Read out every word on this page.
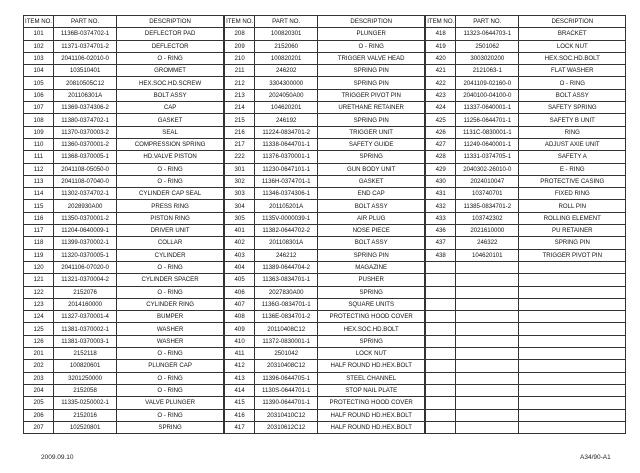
ITEM NO.	PART NO.	DESCRIPTION
101	1136B-0374702-1	DEFLECTOR PAD
102	11371-0374701-2	DEFLECTOR
103	2041106-02010-0	O - RING
104	103510401	GROMMET
105	20810505C12	HEX.SOC.HD.SCREW
106	201106301A	BOLT ASSY
107	11369-0374306-2	CAP
108	11380-0374702-1	GASKET
109	11370-0370003-2	SEAL
110	11360-0370001-2	COMPRESSION SPRING
111	11368-0370005-1	HD.VALVE PISTON
112	2041108-05050-0	O - RING
113	2041108-07040-0	O - RING
114	11302-0374702-1	CYLINDER CAP SEAL
115	2028930A00	PRESS RING
116	11350-0370001-2	PISTON RING
117	11204-0640009-1	DRIVER UNIT
118	11399-0370002-1	COLLAR
119	11320-0370005-1	CYLINDER
120	2041106-07020-0	O - RING
121	11321-0370004-2	CYLINDER SPACER
122	2152076	O - RING
123	2014160000	CYLINDER RING
124	11327-0370001-4	BUMPER
125	11381-0370002-1	WASHER
126	11381-0370003-1	WASHER
201	2152118	O - RING
202	100820601	PLUNGER CAP
203	3201250000	O - RING
204	2152058	O - RING
205	11335-0250002-1	VALVE PLUNGER
206	2152016	O - RING
207	102520801	SPRING
ITEM NO.	PART NO.	DESCRIPTION
208	100820301	PLUNGER
209	2152060	O - RING
210	100820201	TRIGGER VALVE HEAD
211	246202	SPRING PIN
212	3304300000	SPRING PIN
213	2024050A00	TRIGGER PIVOT PIN
214	104620201	URETHANE RETAINER
215	246192	SPRING PIN
216	11224-0834701-2	TRIGGER UNIT
217	11338-0644701-1	SAFETY GUIDE
222	11376-0370001-1	SPRING
301	11230-0647101-1	GUN BODY UNIT
302	1136H-0374701-1	GASKET
303	11346-0374306-1	END CAP
304	201105201A	BOLT ASSY
305	1135V-0000039-1	AIR PLUG
401	11382-0644702-2	NOSE PIECE
402	201108301A	BOLT ASSY
403	246212	SPRING PIN
404	11389-0644704-2	MAGAZINE
405	11363-0834701-1	PUSHER
406	2027830A00	SPRING
407	1136G-0834701-1	SQUARE UNITS
408	1136E-0834701-2	PROTECTING HOOD COVER
409	20110408C12	HEX.SOC.HD.BOLT
410	11372-0830001-1	SPRING
411	2501042	LOCK NUT
412	20310408C12	HALF ROUND HD.HEX.BOLT
413	11396-0644705-1	STEEL CHANNEL
414	1130S-0644701-1	STOP NAIL PLATE
415	11390-0644701-1	PROTECTING HOOD COVER
416	20310410C12	HALF ROUND HD.HEX.BOLT
417	20310612C12	HALF ROUND HD.HEX.BOLT
ITEM NO.	PART NO.	DESCRIPTION
418	11323-0644703-1	BRACKET
419	2501062	LOCK NUT
420	3003020200	HEX.SOC.HD.BOLT
421	2121063-1	FLAT WASHER
422	2041109-02160-0	O - RING
423	2040100-04100-0	BOLT ASSY
424	11337-0640001-1	SAFETY SPRING
425	11256-0644701-1	SAFETY B UNIT
426	1131C-0830001-1	RING
427	11249-0640001-1	ADJUST AXIE UNIT
428	11331-0374705-1	SAFETY A
429	2040302-26010-0	E - RING
430	2024010047	PROTECTIVE CASING
431	103740701	FIXED RING
432	11385-0834701-2	ROLL PIN
433	103742302	ROLLING ELEMENT
436	2021610000	PU RETAINER
437	246322	SPRING PIN
438	104620101	TRIGGER PIVOT PIN

2009.09.10	A34/90-A1
